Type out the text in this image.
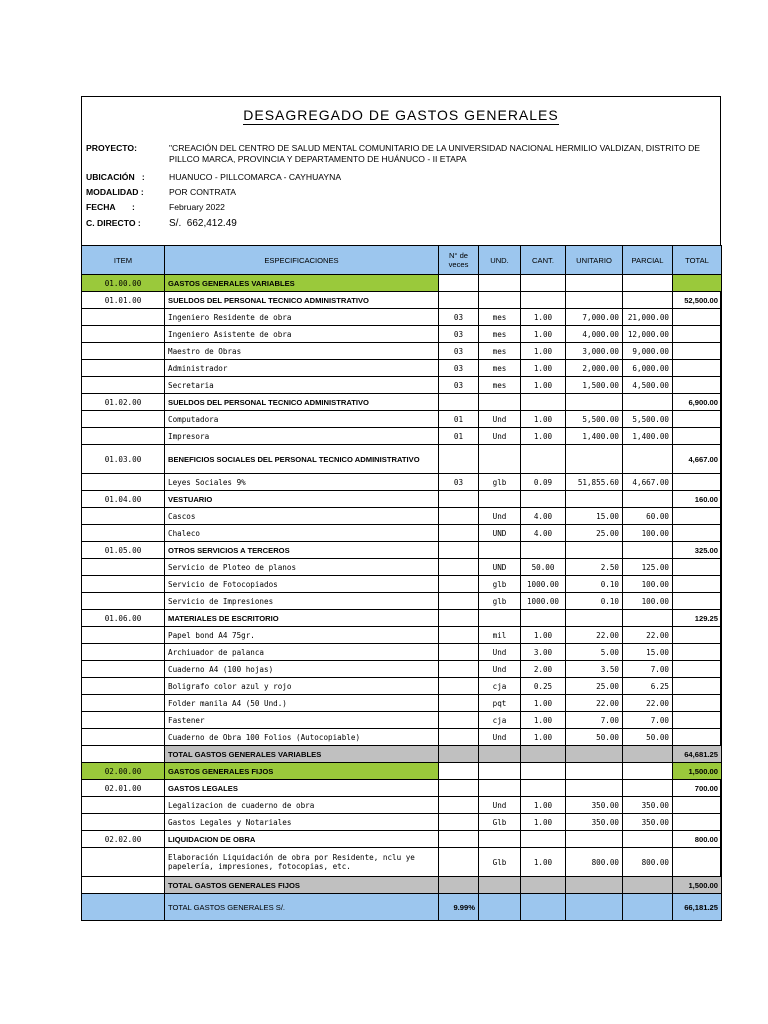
DESAGREGADO DE GASTOS GENERALES
PROYECTO:	"CREACIÓN DEL CENTRO DE SALUD MENTAL COMUNITARIO DE LA UNIVERSIDAD NACIONAL HERMILIO VALDIZAN, DISTRITO DE PILLCO MARCA, PROVINCIA Y DEPARTAMENTO DE HUÁNUCO - II ETAPA
UBICACIÓN   :	HUANUCO - PILLCOMARCA - CAYHUAYNA
MODALIDAD :	POR CONTRATA
FECHA       :	February 2022
C. DIRECTO :	S/.  662,412.49
ITEM	ESPECIFICACIONES	N° de veces	UND.	CANT.	UNITARIO	PARCIAL	TOTAL
01.00.00	GASTOS GENERALES VARIABLES						
01.01.00	SUELDOS DEL PERSONAL TECNICO ADMINISTRATIVO						52,500.00
	Ingeniero Residente de obra	03	mes	1.00	7,000.00	21,000.00	
	Ingeniero Asistente de obra	03	mes	1.00	4,000.00	12,000.00	
	Maestro de Obras	03	mes	1.00	3,000.00	9,000.00	
	Administrador	03	mes	1.00	2,000.00	6,000.00	
	Secretaria	03	mes	1.00	1,500.00	4,500.00	
01.02.00	SUELDOS DEL PERSONAL TECNICO ADMINISTRATIVO						6,900.00
	Computadora	01	Und	1.00	5,500.00	5,500.00	
	Impresora	01	Und	1.00	1,400.00	1,400.00	
01.03.00	BENEFICIOS SOCIALES DEL PERSONAL TECNICO ADMINISTRATIVO						4,667.00
	Leyes Sociales 9%	03	glb	0.09	51,855.60	4,667.00	
01.04.00	VESTUARIO						160.00
	Cascos		Und	4.00	15.00	60.00	
	Chaleco		UND	4.00	25.00	100.00	
01.05.00	OTROS SERVICIOS A TERCEROS						325.00
	Servicio de Ploteo de planos		UND	50.00	2.50	125.00	
	Servicio de Fotocopiados		glb	1000.00	0.10	100.00	
	Servicio de Impresiones		glb	1000.00	0.10	100.00	
01.06.00	MATERIALES DE ESCRITORIO						129.25
	Papel bond A4 75gr.		mil	1.00	22.00	22.00	
	Archiuador de palanca		Und	3.00	5.00	15.00	
	Cuaderno A4 (100 hojas)		Und	2.00	3.50	7.00	
	Boligrafo color azul y rojo		cja	0.25	25.00	6.25	
	Folder manila A4 (50 Und.)		pqt	1.00	22.00	22.00	
	Fastener		cja	1.00	7.00	7.00	
	Cuaderno de Obra 100 Folios (Autocopiable)		Und	1.00	50.00	50.00	
	TOTAL GASTOS GENERALES VARIABLES						64,681.25
02.00.00	GASTOS GENERALES FIJOS						1,500.00
02.01.00	GASTOS LEGALES						700.00
	Legalizacion de cuaderno de obra		Und	1.00	350.00	350.00	
	Gastos Legales y Notariales		Glb	1.00	350.00	350.00	
02.02.00	LIQUIDACION DE OBRA						800.00
	Elaboración Liquidación de obra por Residente, nclu ye papelería, impresiones, fotocopias, etc.		Glb	1.00	800.00	800.00	
	TOTAL GASTOS GENERALES FIJOS						1,500.00
	TOTAL GASTOS GENERALES S/.	9.99%					66,181.25
